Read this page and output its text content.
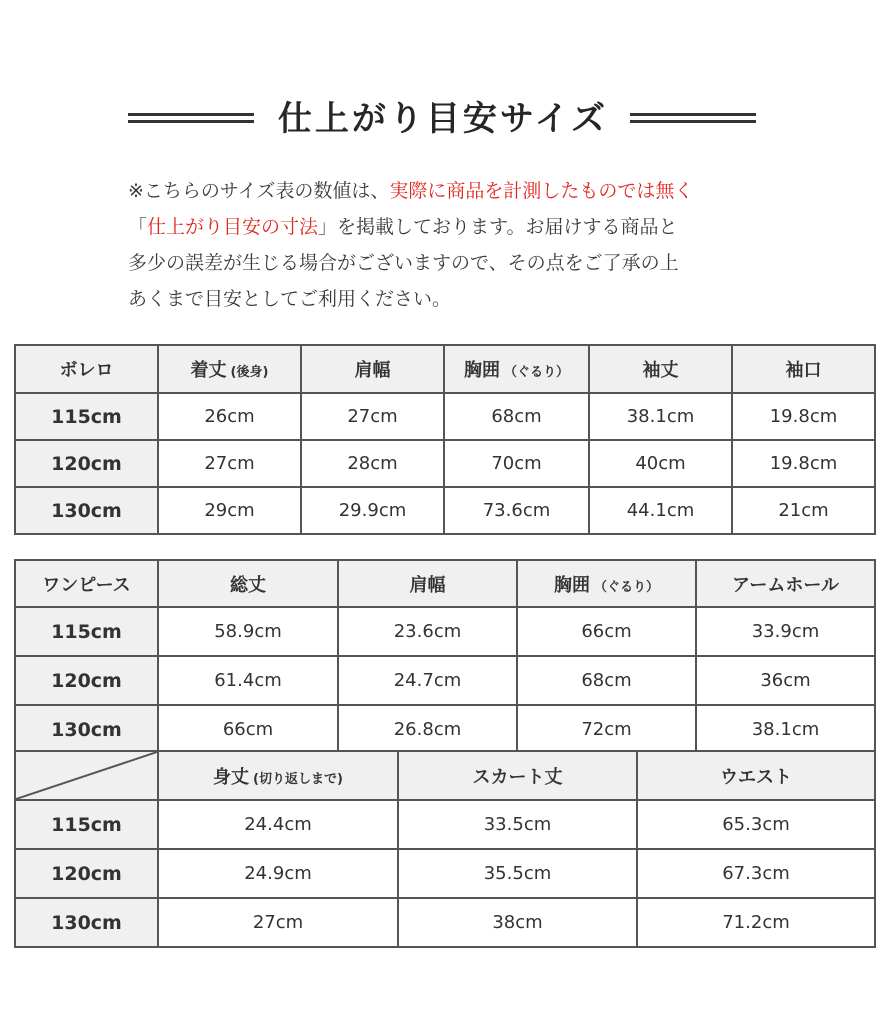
仕上がり目安サイズ
※こちらのサイズ表の数値は、実際に商品を計測したものでは無く
「仕上がり目安の寸法」を掲載しております。お届けする商品と
多少の誤差が生じる場合がございますので、その点をご了承の上
あくまで目安としてご利用ください。
ボレロ	着丈 (後身)	肩幅	胸囲 （ぐるり）	袖丈	袖口
115cm	26cm	27cm	68cm	38.1cm	19.8cm
120cm	27cm	28cm	70cm	40cm	19.8cm
130cm	29cm	29.9cm	73.6cm	44.1cm	21cm
ワンピース	総丈	肩幅	胸囲 （ぐるり）	アームホール
115cm	58.9cm	23.6cm	66cm	33.9cm
120cm	61.4cm	24.7cm	68cm	36cm
130cm	66cm	26.8cm	72cm	38.1cm
	身丈 (切り返しまで)	スカート丈	ウエスト
115cm	24.4cm	33.5cm	65.3cm
120cm	24.9cm	35.5cm	67.3cm
130cm	27cm	38cm	71.2cm
